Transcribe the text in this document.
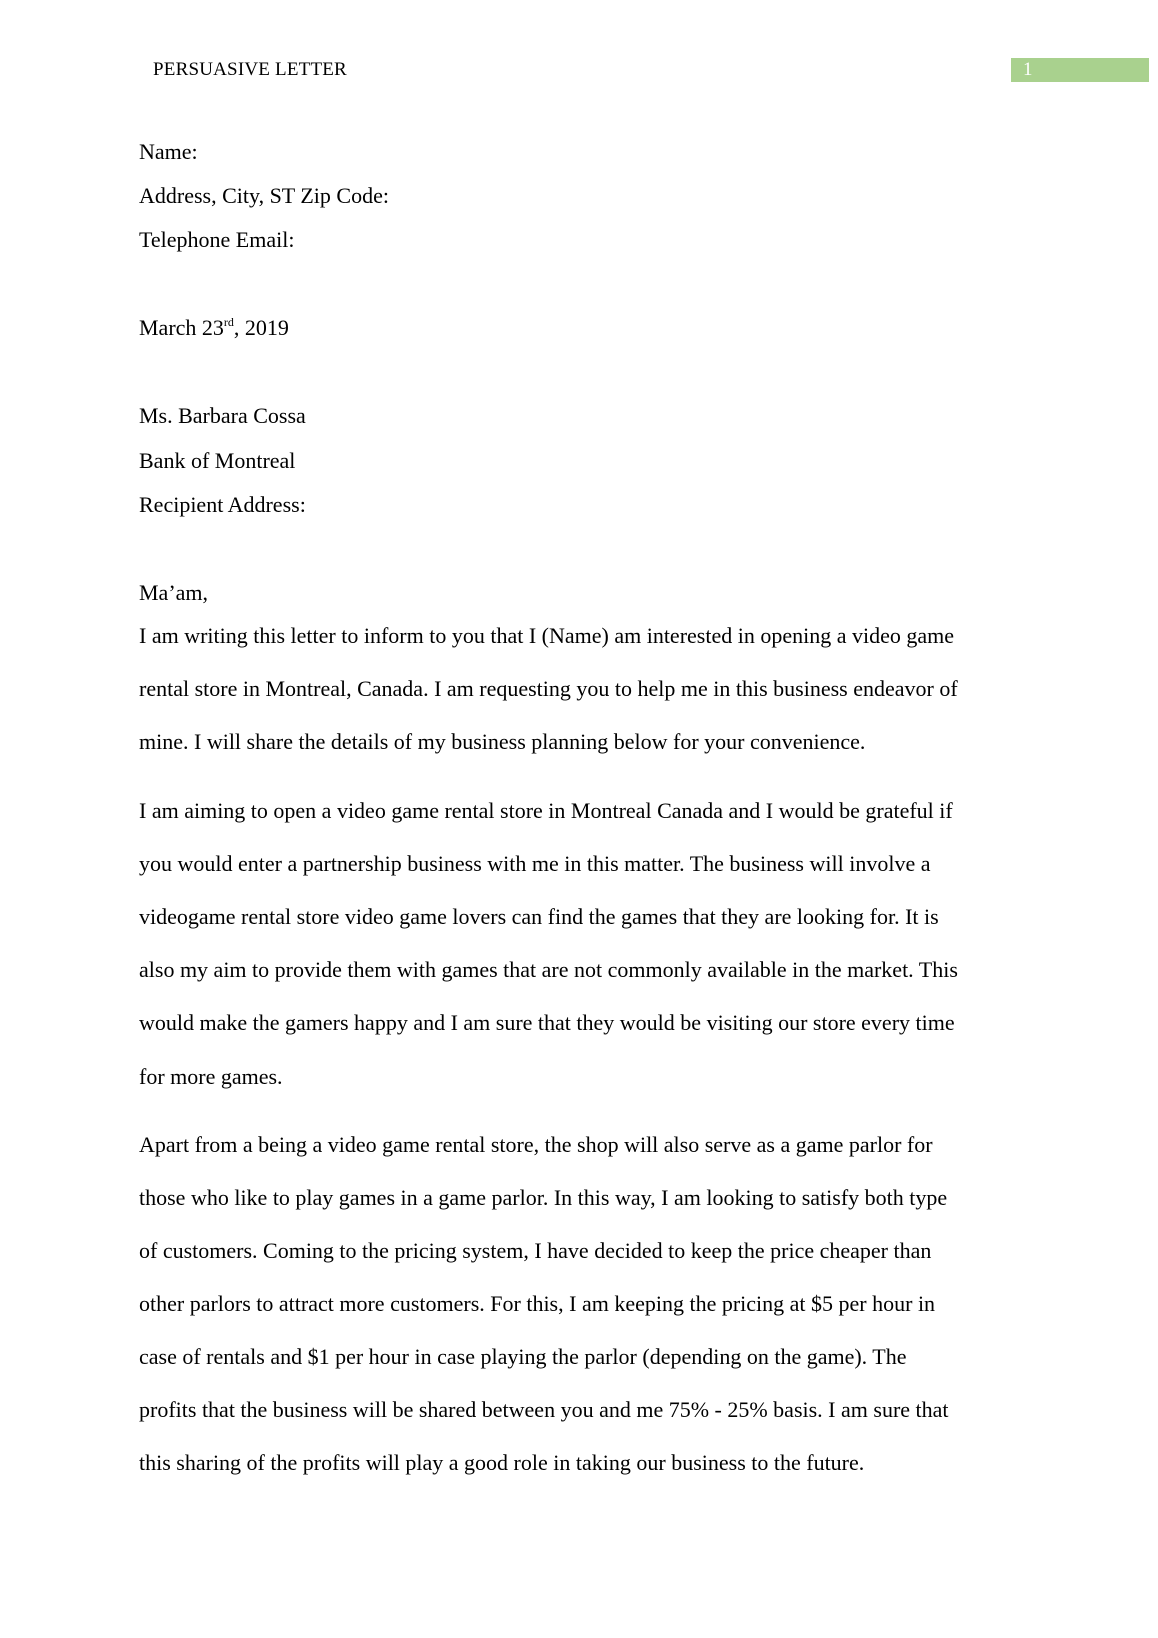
PERSUASIVE LETTER	1
Name:
Address, City, ST Zip Code:
Telephone Email:
March 23rd, 2019
Ms. Barbara Cossa
Bank of Montreal
Recipient Address:
Ma’am,
I am writing this letter to inform to you that I (Name) am interested in opening a video game
rental store in Montreal, Canada. I am requesting you to help me in this business endeavor of
mine. I will share the details of my business planning below for your convenience.
I am aiming to open a video game rental store in Montreal Canada and I would be grateful if
you would enter a partnership business with me in this matter. The business will involve a
videogame rental store video game lovers can find the games that they are looking for. It is
also my aim to provide them with games that are not commonly available in the market. This
would make the gamers happy and I am sure that they would be visiting our store every time
for more games.
Apart from a being a video game rental store, the shop will also serve as a game parlor for
those who like to play games in a game parlor. In this way, I am looking to satisfy both type
of customers. Coming to the pricing system, I have decided to keep the price cheaper than
other parlors to attract more customers. For this, I am keeping the pricing at $5 per hour in
case of rentals and $1 per hour in case playing the parlor (depending on the game). The
profits that the business will be shared between you and me 75% - 25% basis. I am sure that
this sharing of the profits will play a good role in taking our business to the future.
